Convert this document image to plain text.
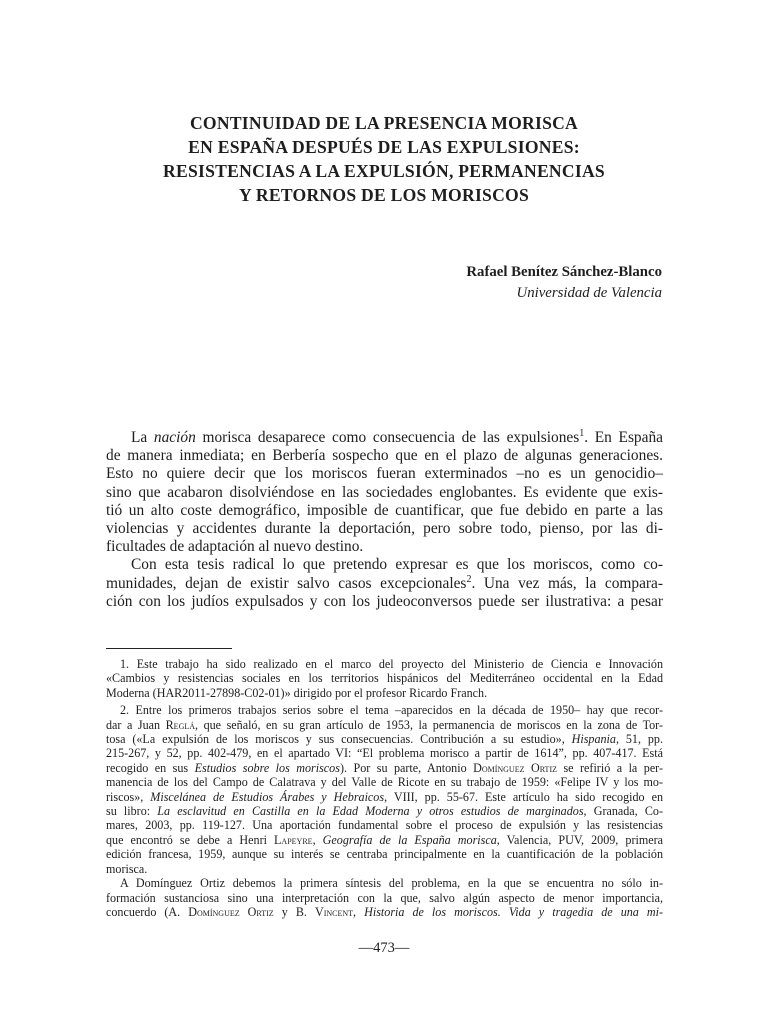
CONTINUIDAD DE LA PRESENCIA MORISCA
EN ESPAÑA DESPUÉS DE LAS EXPULSIONES:
RESISTENCIAS A LA EXPULSIÓN, PERMANENCIAS
Y RETORNOS DE LOS MORISCOS
Rafael Benítez Sánchez-Blanco
Universidad de Valencia
La nación morisca desaparece como consecuencia de las expulsiones$^1$. En España
de manera inmediata; en Berbería sospecho que en el plazo de algunas generaciones.
Esto no quiere decir que los moriscos fueran exterminados –no es un genocidio–
sino que acabaron disolviéndose en las sociedades englobantes. Es evidente que exis-
tió un alto coste demográfico, imposible de cuantificar, que fue debido en parte a las
violencias y accidentes durante la deportación, pero sobre todo, pienso, por las di-
ficultades de adaptación al nuevo destino.
Con esta tesis radical lo que pretendo expresar es que los moriscos, como co-
munidades, dejan de existir salvo casos excepcionales$^2$. Una vez más, la compara-
ción con los judíos expulsados y con los judeoconversos puede ser ilustrativa: a pesar
1. Este trabajo ha sido realizado en el marco del proyecto del Ministerio de Ciencia e Innovación
«Cambios y resistencias sociales en los territorios hispánicos del Mediterráneo occidental en la Edad
Moderna (HAR2011-27898-C02-01)» dirigido por el profesor Ricardo Franch.
2. Entre los primeros trabajos serios sobre el tema –aparecidos en la década de 1950– hay que recor-
dar a Juan Reglá, que señaló, en su gran artículo de 1953, la permanencia de moriscos en la zona de Tor-
tosa («La expulsión de los moriscos y sus consecuencias. Contribución a su estudio», Hispania, 51, pp.
215-267, y 52, pp. 402-479, en el apartado VI: “El problema morisco a partir de 1614”, pp. 407-417. Está
recogido en sus Estudios sobre los moriscos). Por su parte, Antonio Domínguez Ortiz se refirió a la per-
manencia de los del Campo de Calatrava y del Valle de Ricote en su trabajo de 1959: «Felipe IV y los mo-
riscos», Miscelánea de Estudios Árabes y Hebraicos, VIII, pp. 55-67. Este artículo ha sido recogido en
su libro: La esclavitud en Castilla en la Edad Moderna y otros estudios de marginados, Granada, Co-
mares, 2003, pp. 119-127. Una aportación fundamental sobre el proceso de expulsión y las resistencias
que encontró se debe a Henri Lapeyre, Geografía de la España morisca, Valencia, PUV, 2009, primera
edición francesa, 1959, aunque su interés se centraba principalmente en la cuantificación de la población
morisca.
A Domínguez Ortiz debemos la primera síntesis del problema, en la que se encuentra no sólo in-
formación sustanciosa sino una interpretación con la que, salvo algún aspecto de menor importancia,
concuerdo (A. Domínguez Ortiz y B. Vincent, Historia de los moriscos. Vida y tragedia de una mi-
—473—
